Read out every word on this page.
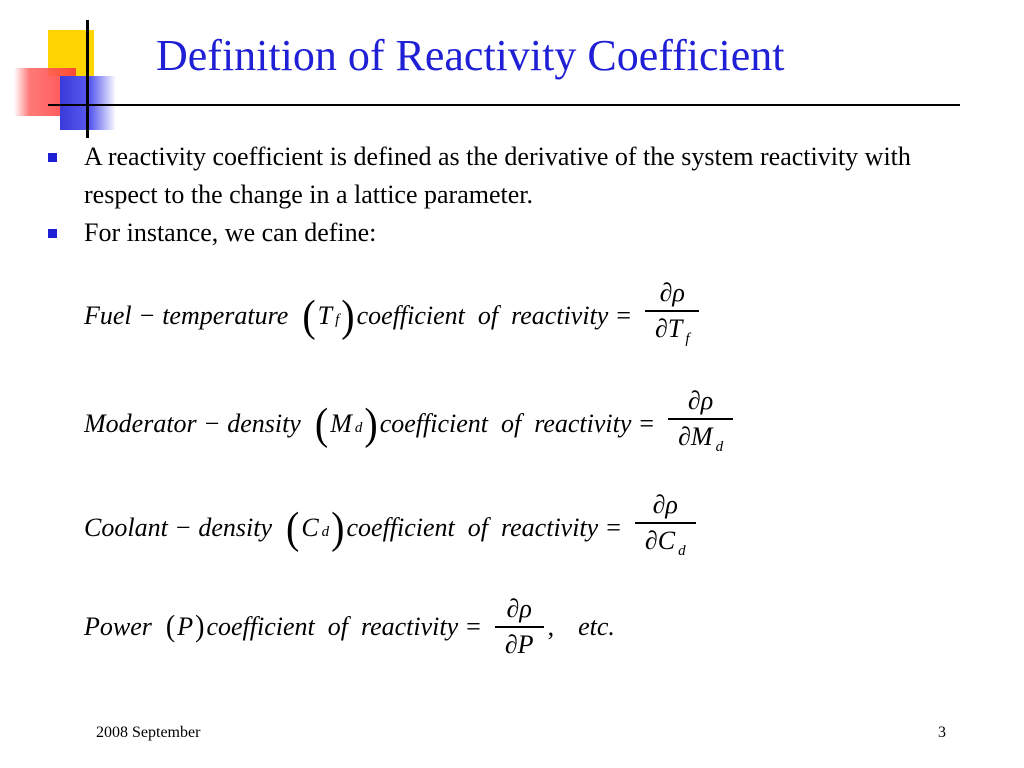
Definition of Reactivity Coefficient
A reactivity coefficient is defined as the derivative of the system reactivity with respect to the change in a lattice parameter.
For instance, we can define:
Fuel − temperature ( T f ) coefficient  of  reactivity = $\frac{\partial\rho}{\partial T _f}$
Moderator − density ( M d ) coefficient  of  reactivity = $\frac{\partial\rho}{\partial M _d}$
Coolant − density ( C d ) coefficient  of  reactivity = $\frac{\partial\rho}{\partial C _d}$
Power ( P ) coefficient  of  reactivity = $\frac{\partial\rho}{\partial P}$ , etc.
2008 September	3
